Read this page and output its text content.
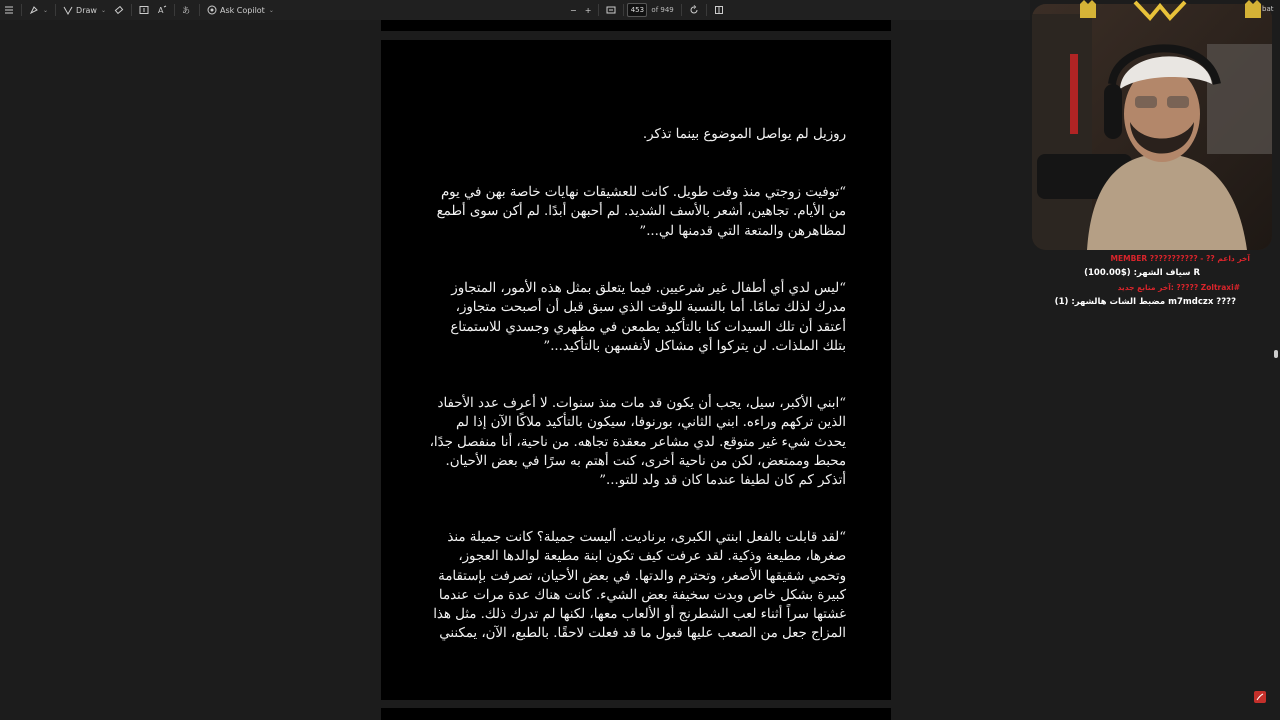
⌄	Draw ⌄	A あ	Ask Copilot ⌄	−	+	453	of 949
روزيل لم يواصل الموضوع بينما تذكر.
“توفيت زوجتي منذ وقت طويل. كانت للعشيقات نهايات خاصة بهن في يوم من الأيام. تجاهين، أشعر بالأسف الشديد. لم أحبهن أبدًا. لم أكن سوى أطمع لمظاهرهن والمتعة التي قدمنها لي...”
“ليس لدي أي أطفال غير شرعيين. فيما يتعلق بمثل هذه الأمور، المتجاوز مدرك لذلك تمامًا. أما بالنسبة للوقت الذي سبق قبل أن أصبحت متجاوز، أعتقد أن تلك السيدات كنا بالتأكيد يطمعن في مظهري وجسدي للاستمتاع بتلك الملذات. لن يتركوا أي مشاكل لأنفسهن بالتأكيد...”
“ابني الأكبر، سيل، يجب أن يكون قد مات منذ سنوات. لا أعرف عدد الأحفاد الذين تركهم وراءه. ابني الثاني، بورنوفا، سيكون بالتأكيد ملاكًا الآن إذا لم يحدث شيء غير متوقع. لدي مشاعر معقدة تجاهه. من ناحية، أنا منفصل جدًا، محبط وممتعض، لكن من ناحية أخرى، كنت أهتم به سرًا في بعض الأحيان. أتذكر كم كان لطيفا عندما كان قد ولد للتو...”
“لقد قابلت بالفعل ابنتي الكبرى، برناديت. أليست جميلة؟ كانت جميلة منذ صغرها، مطيعة وذكية. لقد عرفت كيف تكون ابنة مطيعة لوالدها العجوز، وتحمي شقيقها الأصغر، وتحترم والدتها. في بعض الأحيان، تصرفت بإستقامة كبيرة بشكل خاص وبدت سخيفة بعض الشيء. كانت هناك عدة مرات عندما غشتها سراً أثناء لعب الشطرنج أو الألعاب معها، لكنها لم تدرك ذلك. مثل هذا المزاج جعل من الصعب عليها قبول ما قد فعلت لاحقًا. بالطبع، الآن، يمكنني
bat
MEMBER ??????????? - ?? آخر داعم
سياف الشهر: ($100.00) R
آخر متابع جديد: ????? Zoltraxi#
مضبط الشات هالشهر: (1) m7mdczx ????
